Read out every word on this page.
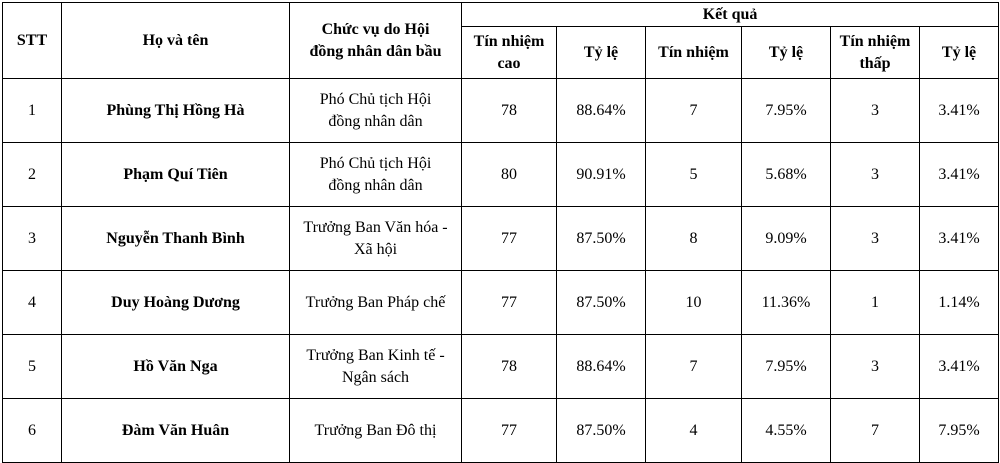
STT	Họ và tên	Chức vụ do Hội
đồng nhân dân bầu	Kết quả					
			Tín nhiệm
cao	Tỷ lệ	Tín nhiệm	Tỷ lệ	Tín nhiệm
thấp	Tỷ lệ
1	Phùng Thị Hồng Hà	Phó Chủ tịch Hội
đồng nhân dân	78	88.64%	7	7.95%	3	3.41%
2	Phạm Quí Tiên	Phó Chủ tịch Hội
đồng nhân dân	80	90.91%	5	5.68%	3	3.41%
3	Nguyễn Thanh Bình	Trưởng Ban Văn hóa -
Xã hội	77	87.50%	8	9.09%	3	3.41%
4	Duy Hoàng Dương	Trưởng Ban Pháp chế	77	87.50%	10	11.36%	1	1.14%
5	Hồ Văn Nga	Trưởng Ban Kinh tế -
Ngân sách	78	88.64%	7	7.95%	3	3.41%
6	Đàm Văn Huân	Trưởng Ban Đô thị	77	87.50%	4	4.55%	7	7.95%
